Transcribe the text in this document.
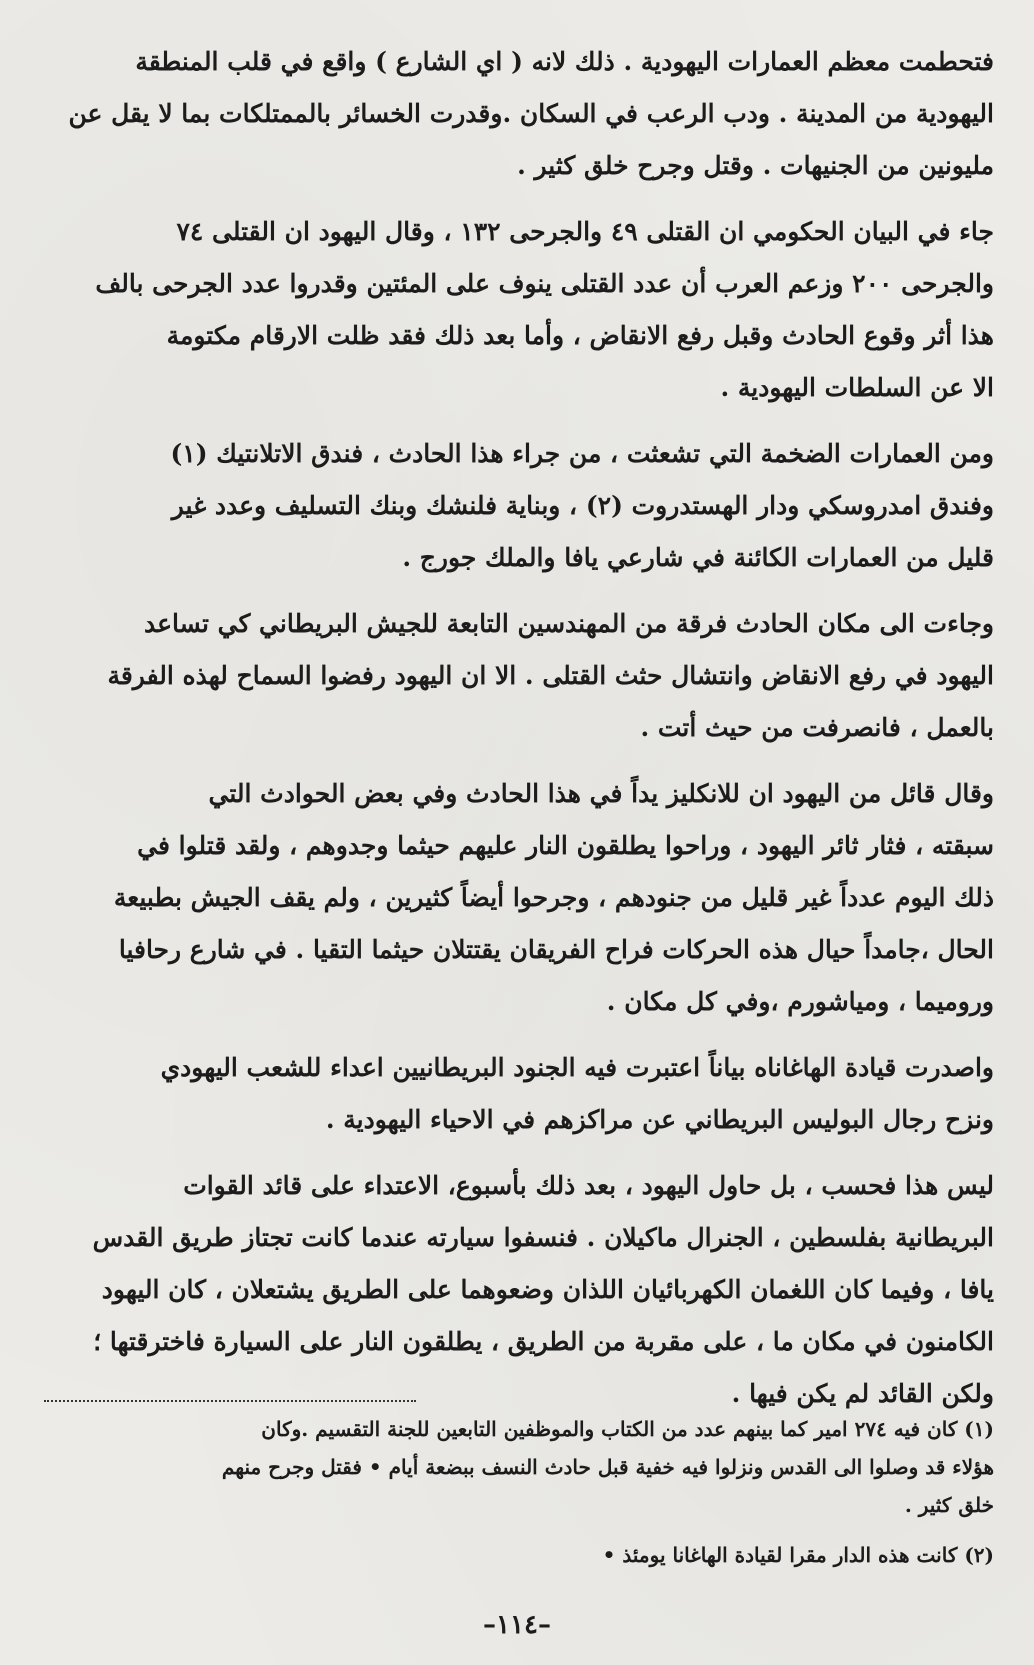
فتحطمت معظم العمارات اليهودية . ذلك لانه ( اي الشارع ) واقع في قلب المنطقة
اليهودية من المدينة . ودب الرعب في السكان .وقدرت الخسائر بالممتلكات بما لا يقل عن
مليونين من الجنيهات . وقتل وجرح خلق كثير .

جاء في البيان الحكومي ان القتلى ٤٩ والجرحى ١٣٢ ، وقال اليهود ان القتلى ٧٤
والجرحى ٢٠٠ وزعم العرب أن عدد القتلى ينوف على المئتين وقدروا عدد الجرحى بالف
هذا أثر وقوع الحادث وقبل رفع الانقاض ، وأما بعد ذلك فقد ظلت الارقام مكتومة
الا عن السلطات اليهودية .

ومن العمارات الضخمة التي تشعثت ، من جراء هذا الحادث ، فندق الاتلانتيك (١)
وفندق امدروسكي ودار الهستدروت (٢) ، وبناية فلنشك وبنك التسليف وعدد غير
قليل من العمارات الكائنة في شارعي يافا والملك جورج .

وجاءت الى مكان الحادث فرقة من المهندسين التابعة للجيش البريطاني كي تساعد
اليهود في رفع الانقاض وانتشال حثث القتلى . الا ان اليهود رفضوا السماح لهذه الفرقة
بالعمل ، فانصرفت من حيث أتت .

وقال قائل من اليهود ان للانكليز يداً في هذا الحادث وفي بعض الحوادث التي
سبقته ، فثار ثائر اليهود ، وراحوا يطلقون النار عليهم حيثما وجدوهم ، ولقد قتلوا في
ذلك اليوم عدداً غير قليل من جنودهم ، وجرحوا أيضاً كثيرين ، ولم يقف الجيش بطبيعة
الحال ،جامداً حيال هذه الحركات فراح الفريقان يقتتلان حيثما التقيا . في شارع رحافيا
وروميما ، ومياشورم ،وفي كل مكان .

واصدرت قيادة الهاغاناه بياناً اعتبرت فيه الجنود البريطانيين اعداء للشعب اليهودي
ونزح رجال البوليس البريطاني عن مراكزهم في الاحياء اليهودية .

ليس هذا فحسب ، بل حاول اليهود ، بعد ذلك بأسبوع، الاعتداء على قائد القوات
البريطانية بفلسطين ، الجنرال ماكيلان . فنسفوا سيارته عندما كانت تجتاز طريق القدس
يافا ، وفيما كان اللغمان الكهربائيان اللذان وضعوهما على الطريق يشتعلان ، كان اليهود
الكامنون في مكان ما ، على مقربة من الطريق ، يطلقون النار على السيارة فاخترقتها ؛
ولكن القائد لم يكن فيها .

(١) كان فيه ٢٧٤ امير كما بينهم عدد من الكتاب والموظفين التابعين للجنة التقسيم .وكان
هؤلاء قد وصلوا الى القدس ونزلوا فيه خفية قبل حادث النسف ببضعة أيام • فقتل وجرح منهم
خلق كثير .

(٢) كانت هذه الدار مقرا لقيادة الهاغانا يومئذ •

–١١٤–
